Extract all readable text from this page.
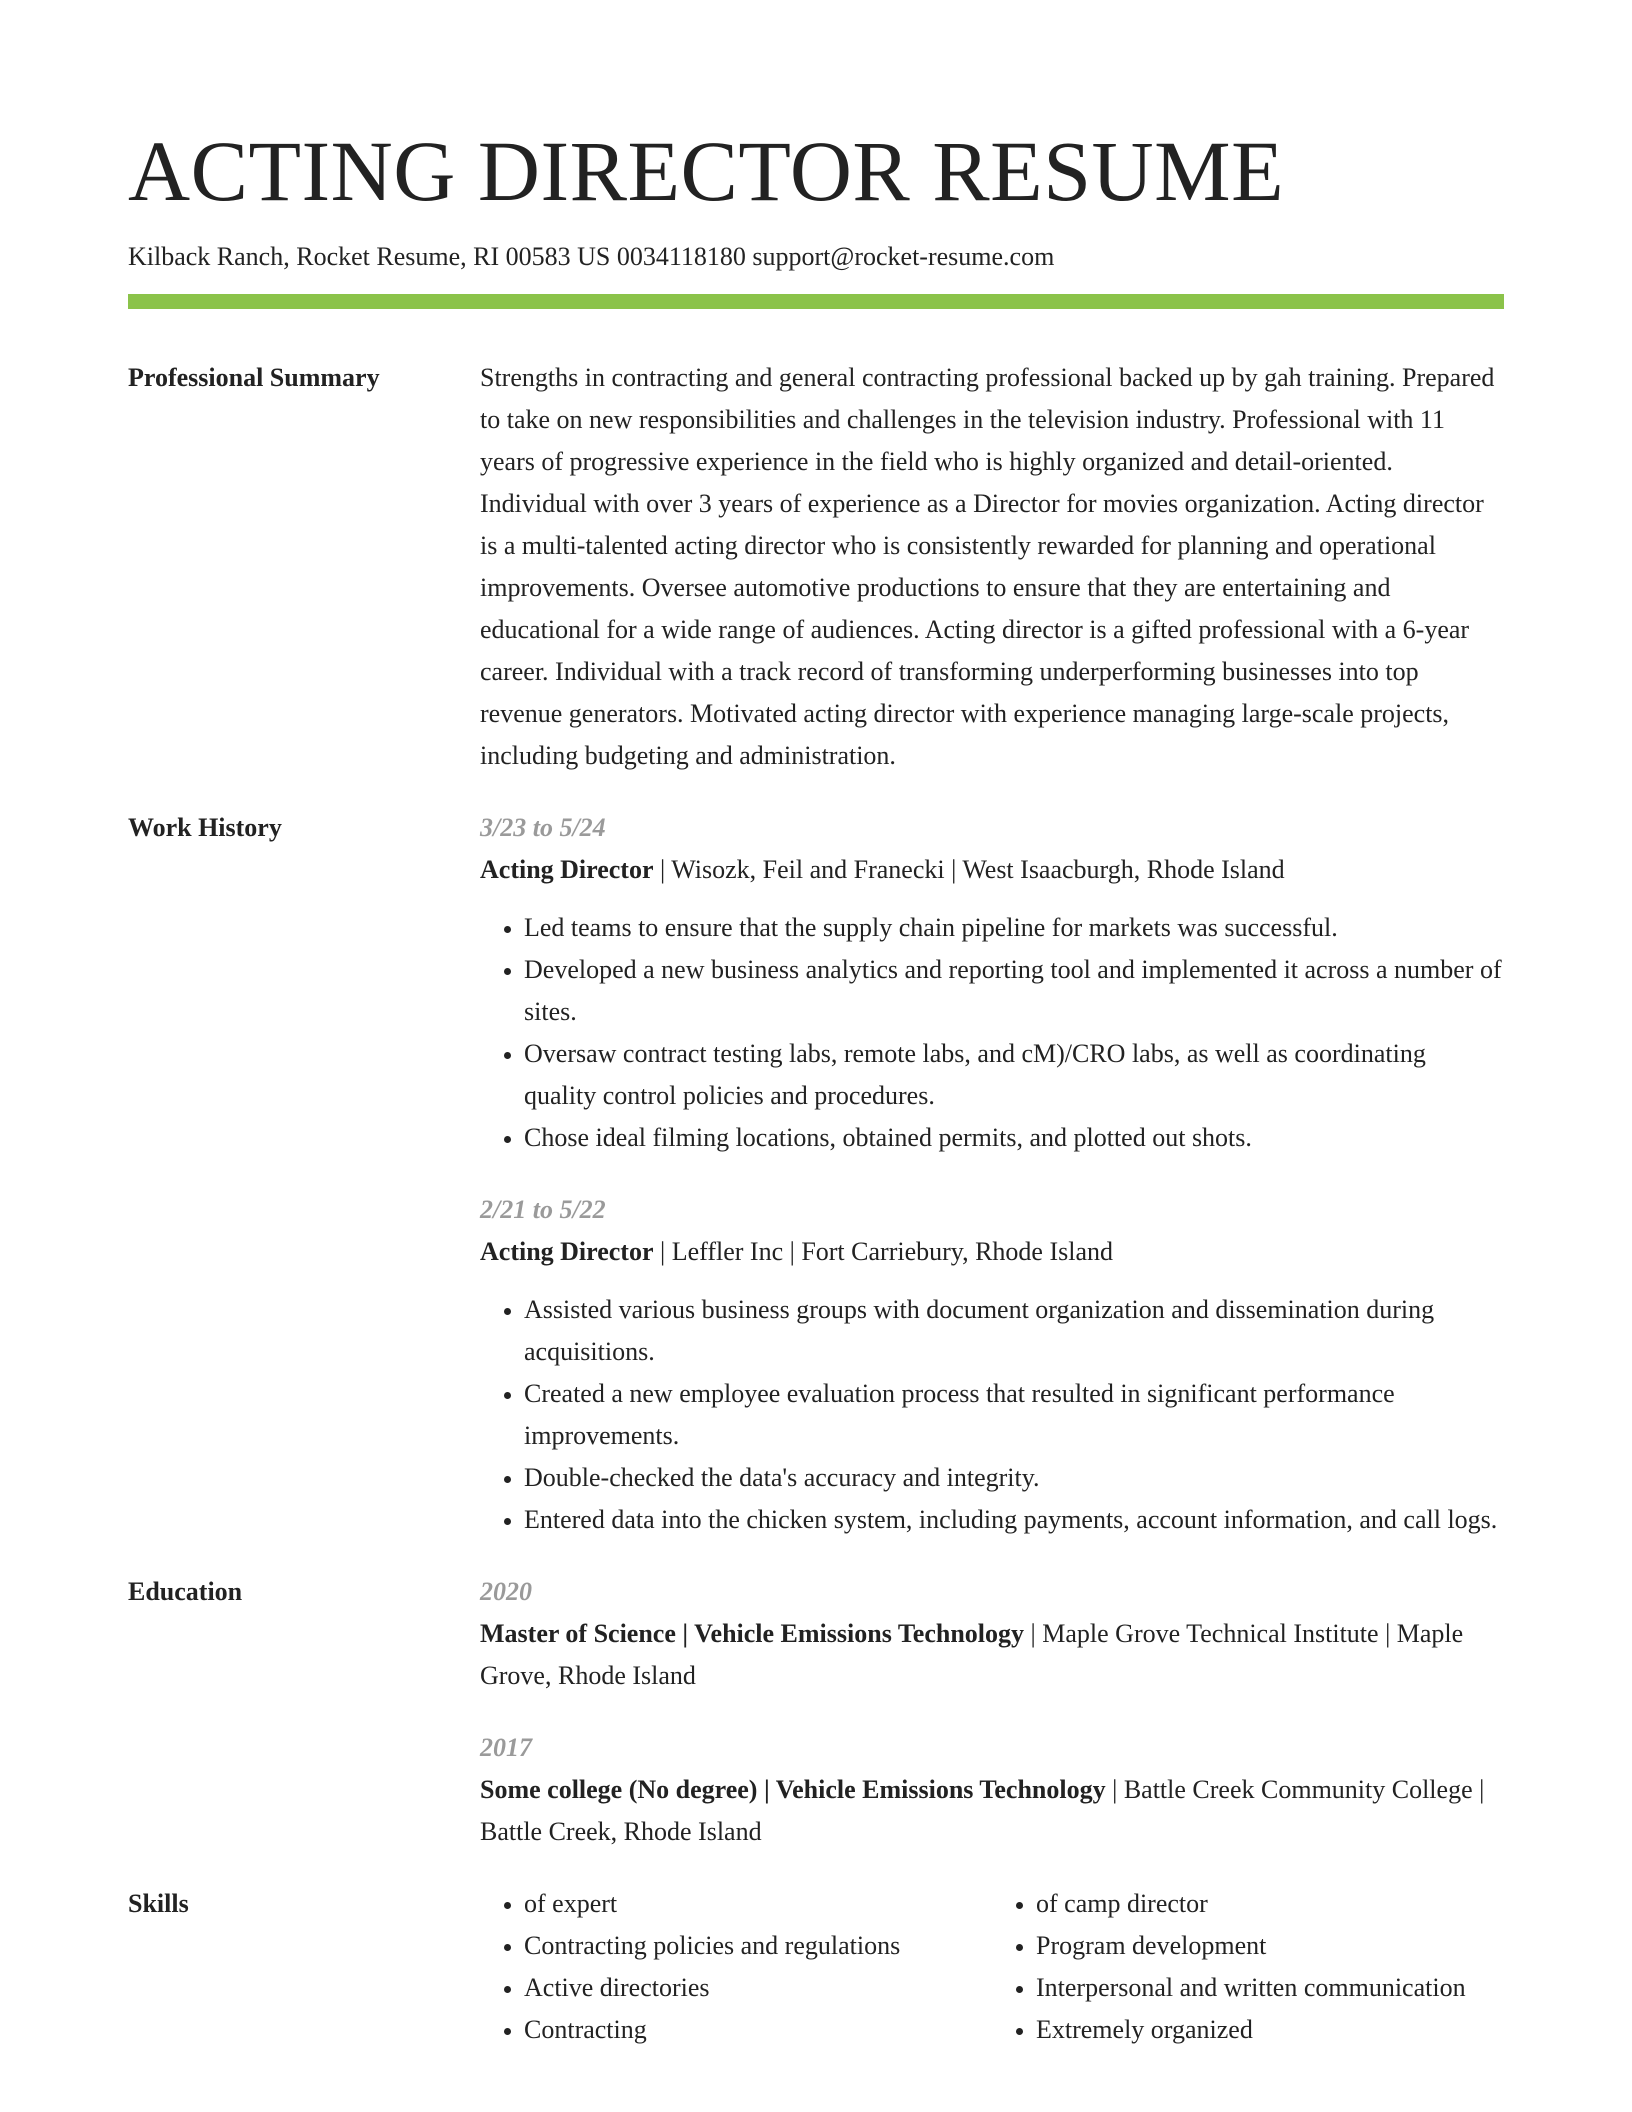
ACTING DIRECTOR RESUME
Kilback Ranch, Rocket Resume, RI 00583 US 0034118180 support@rocket-resume.com
Professional Summary	Strengths in contracting and general contracting professional backed up by gah training. Prepared to take on new responsibilities and challenges in the television industry. Professional with 11 years of progressive experience in the field who is highly organized and detail-oriented. Individual with over 3 years of experience as a Director for movies organization. Acting director is a multi-talented acting director who is consistently rewarded for planning and operational improvements. Oversee automotive productions to ensure that they are entertaining and educational for a wide range of audiences. Acting director is a gifted professional with a 6-year career. Individual with a track record of transforming underperforming businesses into top revenue generators. Motivated acting director with experience managing large-scale projects, including budgeting and administration.

Work History	3/23 to 5/24

Acting Director | Wisozk, Feil and Franecki | West Isaacburgh, Rhode Island

• Led teams to ensure that the supply chain pipeline for markets was successful.
• Developed a new business analytics and reporting tool and implemented it across a number of sites.
• Oversaw contract testing labs, remote labs, and cM)/CRO labs, as well as coordinating quality control policies and procedures.
• Chose ideal filming locations, obtained permits, and plotted out shots.
2/21 to 5/22

Acting Director | Leffler Inc | Fort Carriebury, Rhode Island

• Assisted various business groups with document organization and dissemination during acquisitions.
• Created a new employee evaluation process that resulted in significant performance improvements.
• Double-checked the data's accuracy and integrity.
• Entered data into the chicken system, including payments, account information, and call logs.
Education	2020

Master of Science | Vehicle Emissions Technology | Maple Grove Technical Institute | Maple Grove, Rhode Island

2017

Some college (No degree) | Vehicle Emissions Technology | Battle Creek Community College | Battle Creek, Rhode Island

Skills
•	of expert
• Contracting policies and regulations
• Active directories
• Contracting
• of camp director
• Program development
• Interpersonal and written communication
• Extremely organized
